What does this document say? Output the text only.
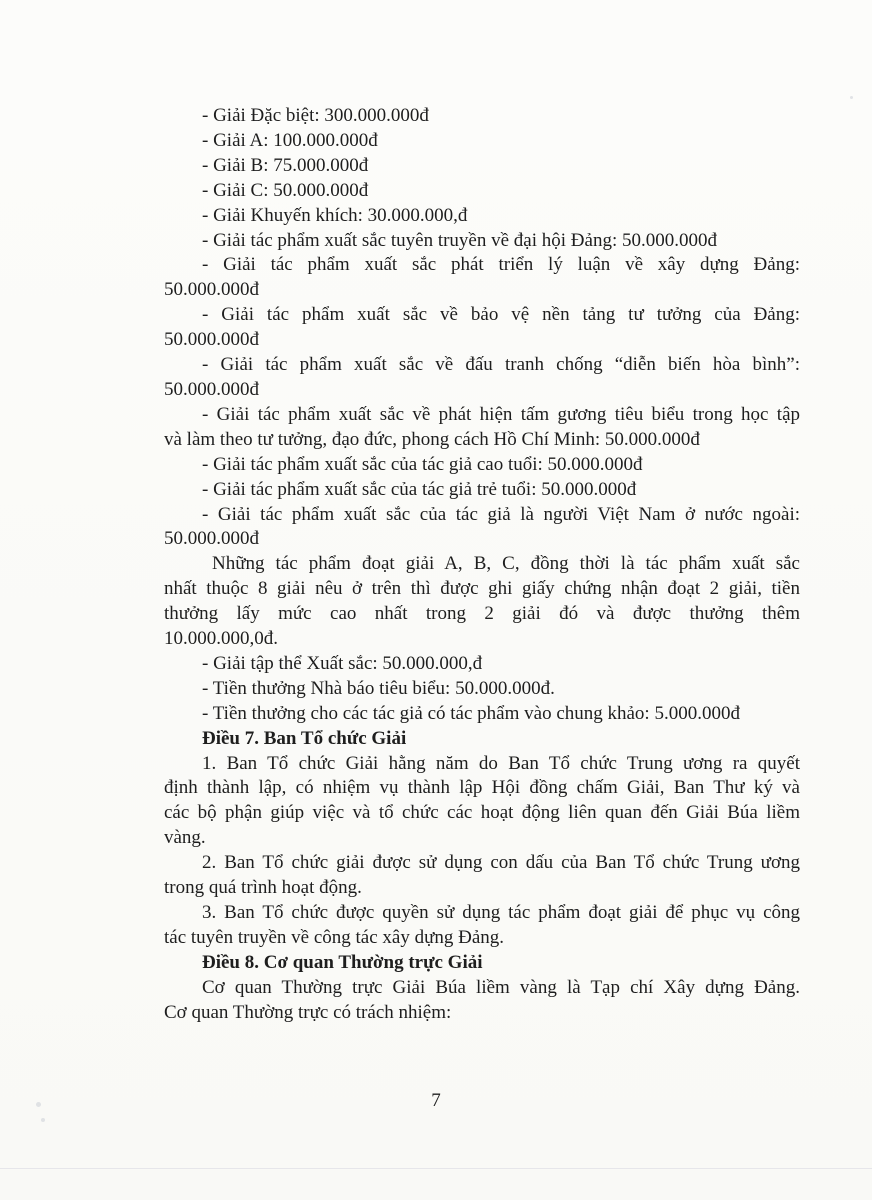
- Giải Đặc biệt: 300.000.000đ

- Giải A: 100.000.000đ

- Giải B: 75.000.000đ

- Giải C: 50.000.000đ

- Giải Khuyến khích: 30.000.000,đ

- Giải tác phẩm xuất sắc tuyên truyền về đại hội Đảng: 50.000.000đ

- Giải tác phẩm xuất sắc phát triển lý luận về xây dựng Đảng:

50.000.000đ

- Giải tác phẩm xuất sắc về bảo vệ nền tảng tư tưởng của Đảng:

50.000.000đ

- Giải tác phẩm xuất sắc về đấu tranh chống “diễn biến hòa bình”:

50.000.000đ

- Giải tác phẩm xuất sắc về phát hiện tấm gương tiêu biểu trong học tập

và làm theo tư tưởng, đạo đức, phong cách Hồ Chí Minh: 50.000.000đ

- Giải tác phẩm xuất sắc của tác giả cao tuổi: 50.000.000đ

- Giải tác phẩm xuất sắc của tác giả trẻ tuổi: 50.000.000đ

- Giải tác phẩm xuất sắc của tác giả là người Việt Nam ở nước ngoài:

50.000.000đ

Những tác phẩm đoạt giải A, B, C, đồng thời là tác phẩm xuất sắc

nhất thuộc 8 giải nêu ở trên thì được ghi giấy chứng nhận đoạt 2 giải, tiền

thưởng lấy mức cao nhất trong 2 giải đó và được thưởng thêm

10.000.000,0đ.

- Giải tập thể Xuất sắc: 50.000.000,đ

- Tiền thưởng Nhà báo tiêu biểu: 50.000.000đ.

- Tiền thưởng cho các tác giả có tác phẩm vào chung khảo: 5.000.000đ

Điều 7. Ban Tổ chức Giải

1. Ban Tổ chức Giải hằng năm do Ban Tổ chức Trung ương ra quyết

định thành lập, có nhiệm vụ thành lập Hội đồng chấm Giải, Ban Thư ký và

các bộ phận giúp việc và tổ chức các hoạt động liên quan đến Giải Búa liềm

vàng.

2. Ban Tổ chức giải được sử dụng con dấu của Ban Tổ chức Trung ương

trong quá trình hoạt động.

3. Ban Tổ chức được quyền sử dụng tác phẩm đoạt giải để phục vụ công

tác tuyên truyền về công tác xây dựng Đảng.

Điều 8. Cơ quan Thường trực Giải

Cơ quan Thường trực Giải Búa liềm vàng là Tạp chí Xây dựng Đảng.

Cơ quan Thường trực có trách nhiệm:

7
